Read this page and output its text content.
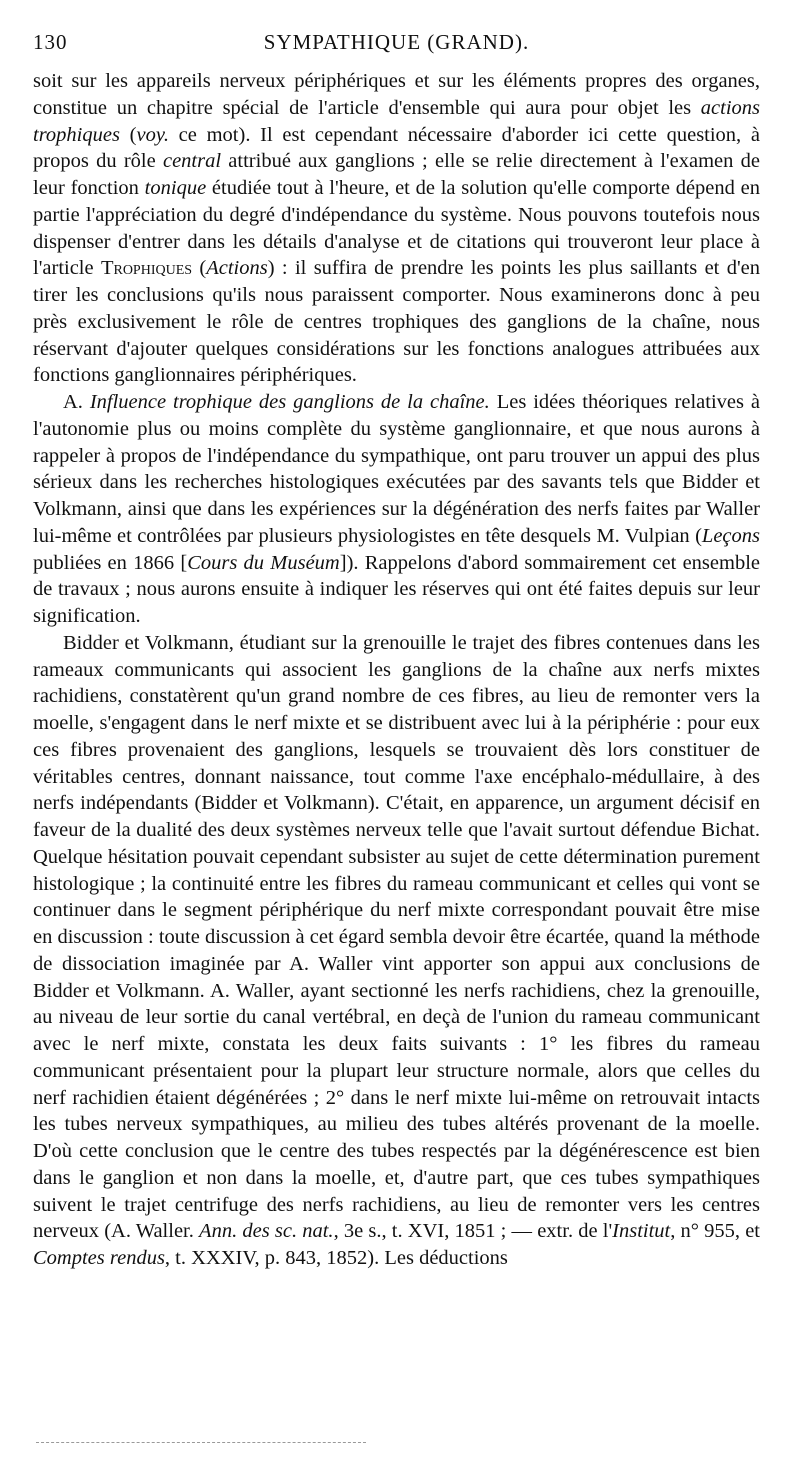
130	SYMPATHIQUE (GRAND).

soit sur les appareils nerveux périphériques et sur les éléments propres des organes, constitue un chapitre spécial de l'article d'ensemble qui aura pour objet les actions trophiques (voy. ce mot). Il est cependant nécessaire d'aborder ici cette question, à propos du rôle central attribué aux ganglions ; elle se relie directement à l'examen de leur fonction tonique étudiée tout à l'heure, et de la solution qu'elle comporte dépend en partie l'appréciation du degré d'indépendance du système. Nous pouvons toutefois nous dispenser d'entrer dans les détails d'analyse et de citations qui trouveront leur place à l'article Trophiques (Actions) : il suffira de prendre les points les plus saillants et d'en tirer les conclusions qu'ils nous paraissent comporter. Nous examinerons donc à peu près exclusivement le rôle de centres trophiques des ganglions de la chaîne, nous réservant d'ajouter quelques considérations sur les fonctions analogues attribuées aux fonctions ganglionnaires périphériques.

A. Influence trophique des ganglions de la chaîne. Les idées théoriques relatives à l'autonomie plus ou moins complète du système ganglionnaire, et que nous aurons à rappeler à propos de l'indépendance du sympathique, ont paru trouver un appui des plus sérieux dans les recherches histologiques exécutées par des savants tels que Bidder et Volkmann, ainsi que dans les expériences sur la dégénération des nerfs faites par Waller lui-même et contrôlées par plusieurs physiologistes en tête desquels M. Vulpian (Leçons publiées en 1866 [Cours du Muséum]). Rappelons d'abord sommairement cet ensemble de travaux ; nous aurons ensuite à indiquer les réserves qui ont été faites depuis sur leur signification.

Bidder et Volkmann, étudiant sur la grenouille le trajet des fibres contenues dans les rameaux communicants qui associent les ganglions de la chaîne aux nerfs mixtes rachidiens, constatèrent qu'un grand nombre de ces fibres, au lieu de remonter vers la moelle, s'engagent dans le nerf mixte et se distribuent avec lui à la périphérie : pour eux ces fibres provenaient des ganglions, lesquels se trouvaient dès lors constituer de véritables centres, donnant naissance, tout comme l'axe encéphalo-médullaire, à des nerfs indépendants (Bidder et Volkmann). C'était, en apparence, un argument décisif en faveur de la dualité des deux systèmes nerveux telle que l'avait surtout défendue Bichat. Quelque hésitation pouvait cependant subsister au sujet de cette détermination purement histologique ; la continuité entre les fibres du rameau communicant et celles qui vont se continuer dans le segment périphérique du nerf mixte correspondant pouvait être mise en discussion : toute discussion à cet égard sembla devoir être écartée, quand la méthode de dissociation imaginée par A. Waller vint apporter son appui aux conclusions de Bidder et Volkmann. A. Waller, ayant sectionné les nerfs rachidiens, chez la grenouille, au niveau de leur sortie du canal vertébral, en deçà de l'union du rameau communicant avec le nerf mixte, constata les deux faits suivants : 1° les fibres du rameau communicant présentaient pour la plupart leur structure normale, alors que celles du nerf rachidien étaient dégénérées ; 2° dans le nerf mixte lui-même on retrouvait intacts les tubes nerveux sympathiques, au milieu des tubes altérés provenant de la moelle. D'où cette conclusion que le centre des tubes respectés par la dégénérescence est bien dans le ganglion et non dans la moelle, et, d'autre part, que ces tubes sympathiques suivent le trajet centrifuge des nerfs rachidiens, au lieu de remonter vers les centres nerveux (A. Waller. Ann. des sc. nat., 3e s., t. XVI, 1851 ; — extr. de l'Institut, n° 955, et Comptes rendus, t. XXXIV, p. 843, 1852). Les déductions
